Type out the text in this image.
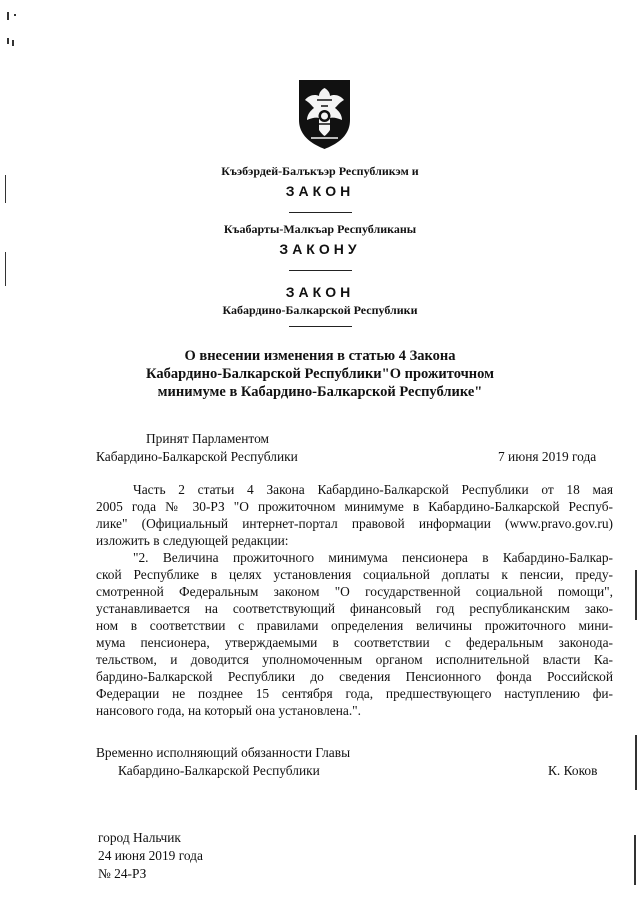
Къэбэрдей-Балъкъэр Республикэм и
ЗАКОН
Къабарты-Малкъар Республиканы
ЗАКОНУ
ЗАКОН
Кабардино-Балкарской Республики
О внесении изменения в статью 4 Закона
Кабардино-Балкарской Республики"О прожиточном
минимуме в Кабардино-Балкарской Республике"
Принят Парламентом
Кабардино-Балкарской Республики	7 июня 2019 года
Часть 2 статьи 4 Закона Кабардино-Балкарской Республики от 18 мая
2005 года № 30-РЗ "О прожиточном минимуме в Кабардино-Балкарской Респуб-
лике" (Официальный интернет-портал правовой информации (www.pravo.gov.ru)
изложить в следующей редакции:
"2. Величина прожиточного минимума пенсионера в Кабардино-Балкар-
ской Республике в целях установления социальной доплаты к пенсии, преду-
смотренной Федеральным законом "О государственной социальной помощи",
устанавливается на соответствующий финансовый год республиканским зако-
ном в соответствии с правилами определения величины прожиточного мини-
мума пенсионера, утверждаемыми в соответствии с федеральным законода-
тельством, и доводится уполномоченным органом исполнительной власти Ка-
бардино-Балкарской Республики до сведения Пенсионного фонда Российской
Федерации не позднее 15 сентября года, предшествующего наступлению фи-
нансового года, на который она установлена.".
Временно исполняющий обязанности Главы
Кабардино-Балкарской Республики	К. Коков
город Нальчик
24 июня 2019 года
№ 24-РЗ
